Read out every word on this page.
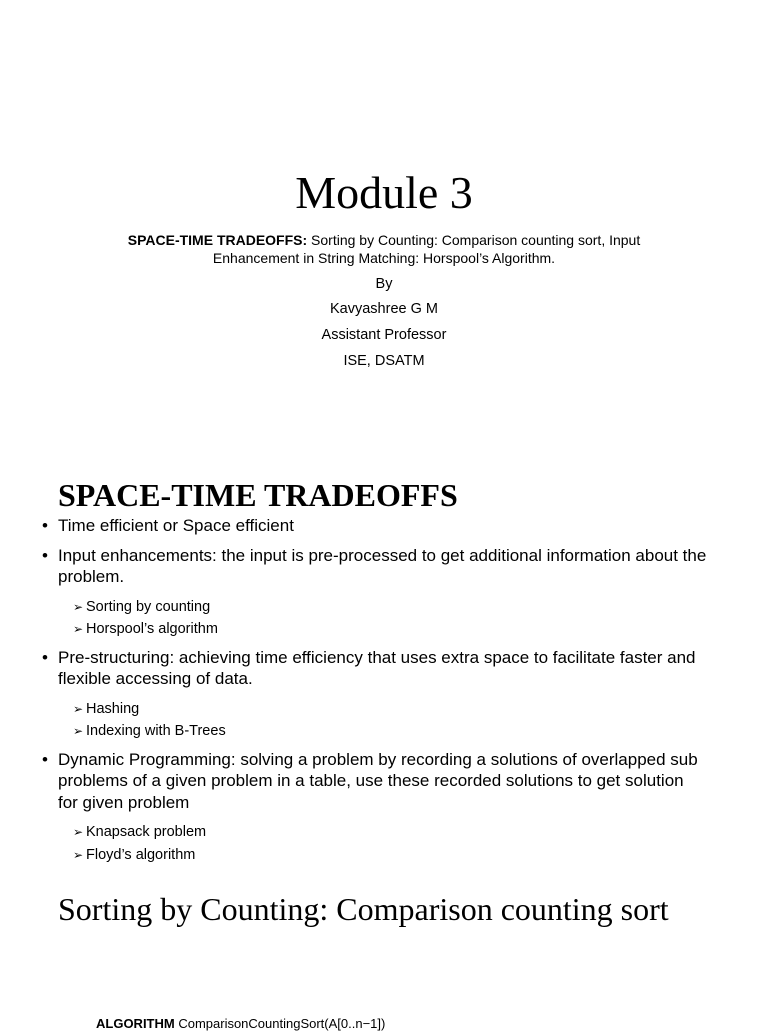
Module 3
SPACE-TIME TRADEOFFS: Sorting by Counting: Comparison counting sort, Input Enhancement in String Matching: Horspool’s Algorithm.
By
Kavyashree G M
Assistant Professor
ISE, DSATM
SPACE-TIME TRADEOFFS
• Time efficient or Space efficient
• Input enhancements: the input is pre-processed to get additional information about the problem.
➢ Sorting by counting
➢ Horspool’s algorithm
• Pre-structuring: achieving time efficiency that uses extra space to facilitate faster and flexible accessing of data.
➢ Hashing
➢ Indexing with B-Trees
• Dynamic Programming: solving a problem by recording a solutions of overlapped sub problems of a given problem in a table, use these recorded solutions to get solution for given problem
➢ Knapsack problem
➢ Floyd’s algorithm
Sorting by Counting: Comparison counting sort
ALGORITHM ComparisonCountingSort(A[0..n−1])
